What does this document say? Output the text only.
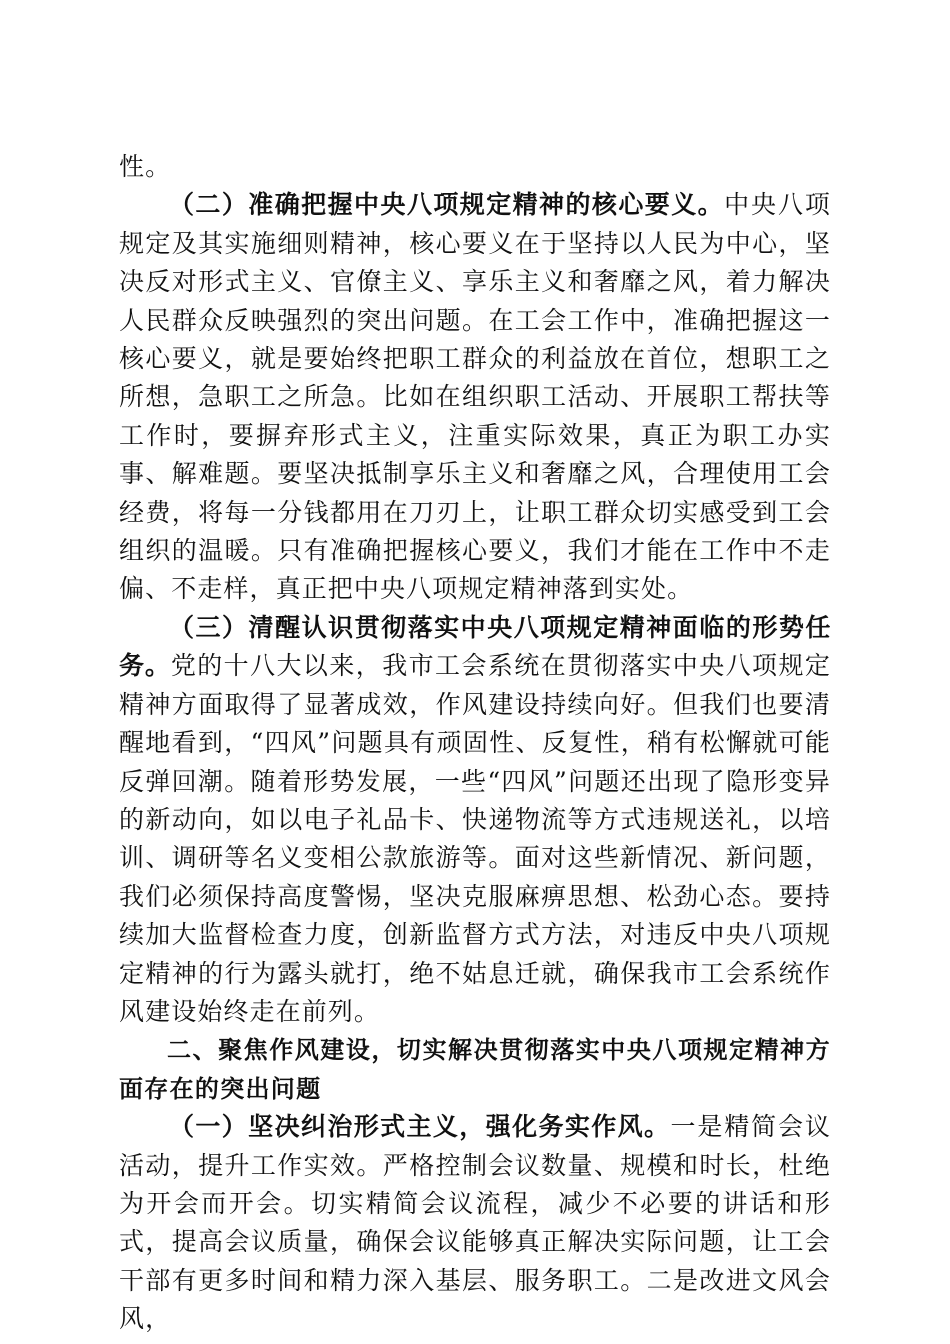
性。

（二）准确把握中央八项规定精神的核心要义。中央八项规定及其实施细则精神，核心要义在于坚持以人民为中心，坚决反对形式主义、官僚主义、享乐主义和奢靡之风，着力解决人民群众反映强烈的突出问题。在工会工作中，准确把握这一核心要义，就是要始终把职工群众的利益放在首位，想职工之所想，急职工之所急。比如在组织职工活动、开展职工帮扶等工作时，要摒弃形式主义，注重实际效果，真正为职工办实事、解难题。要坚决抵制享乐主义和奢靡之风，合理使用工会经费，将每一分钱都用在刀刃上，让职工群众切实感受到工会组织的温暖。只有准确把握核心要义，我们才能在工作中不走偏、不走样，真正把中央八项规定精神落到实处。

（三）清醒认识贯彻落实中央八项规定精神面临的形势任务。党的十八大以来，我市工会系统在贯彻落实中央八项规定精神方面取得了显著成效，作风建设持续向好。但我们也要清醒地看到，“四风”问题具有顽固性、反复性，稍有松懈就可能反弹回潮。随着形势发展，一些“四风”问题还出现了隐形变异的新动向，如以电子礼品卡、快递物流等方式违规送礼，以培训、调研等名义变相公款旅游等。面对这些新情况、新问题，我们必须保持高度警惕，坚决克服麻痹思想、松劲心态。要持续加大监督检查力度，创新监督方式方法，对违反中央八项规定精神的行为露头就打，绝不姑息迁就，确保我市工会系统作风建设始终走在前列。

二、聚焦作风建设，切实解决贯彻落实中央八项规定精神方面存在的突出问题

（一）坚决纠治形式主义，强化务实作风。一是精简会议活动，提升工作实效。严格控制会议数量、规模和时长，杜绝为开会而开会。切实精简会议流程，减少不必要的讲话和形式，提高会议质量，确保会议能够真正解决实际问题，让工会干部有更多时间和精力深入基层、服务职工。二是改进文风会风，
